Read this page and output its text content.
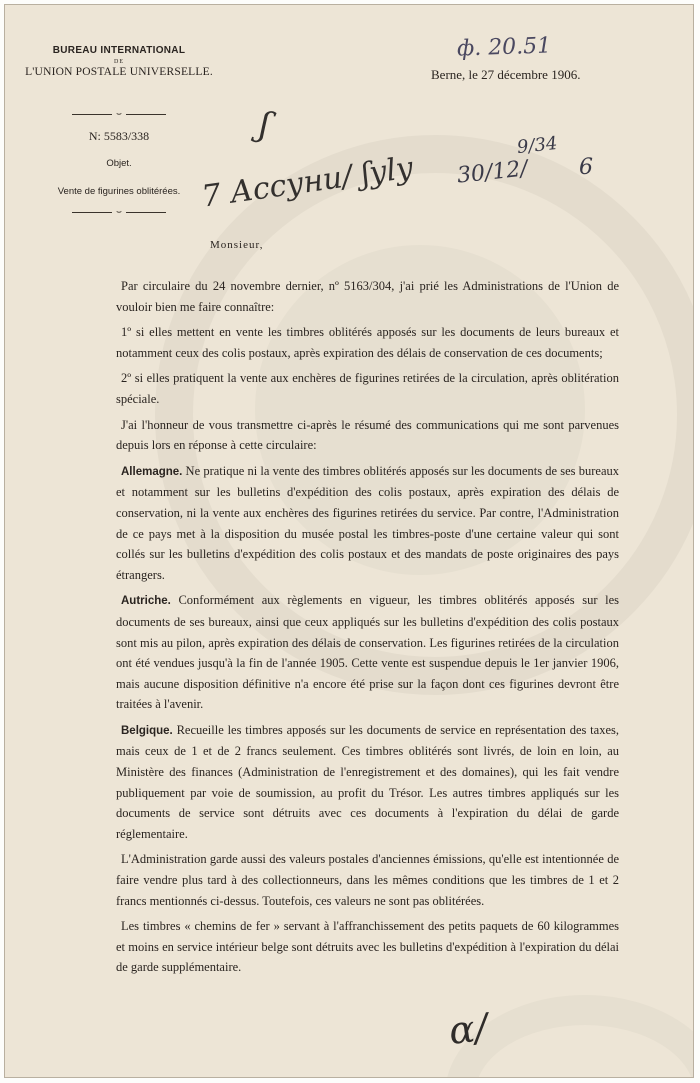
BUREAU INTERNATIONAL
DE
L'UNION POSTALE UNIVERSELLE.
⌣
N: 5583/338
Objet.
Vente de figurines oblitérées.
⌣
Berne, le 27 décembre 1906.
ф. 20.51
ʃ
7 Ассуни/ ʃyly
9/34
30/12/ 6
Monsieur,

Par circulaire du 24 novembre dernier, nº 5163/304, j'ai prié les Administrations de l'Union de vouloir bien me faire connaître:

1º si elles mettent en vente les timbres oblitérés apposés sur les documents de leurs bureaux et notamment ceux des colis postaux, après expiration des délais de conservation de ces documents;

2º si elles pratiquent la vente aux enchères de figurines retirées de la circulation, après oblitération spéciale.

J'ai l'honneur de vous transmettre ci-après le résumé des communications qui me sont parvenues depuis lors en réponse à cette circulaire:

Allemagne. Ne pratique ni la vente des timbres oblitérés apposés sur les documents de ses bureaux et notamment sur les bulletins d'expédition des colis postaux, après expiration des délais de conservation, ni la vente aux enchères des figurines retirées du service. Par contre, l'Administration de ce pays met à la disposition du musée postal les timbres-poste d'une certaine valeur qui sont collés sur les bulletins d'expédition des colis postaux et des mandats de poste originaires des pays étrangers.

Autriche. Conformément aux règlements en vigueur, les timbres oblitérés apposés sur les documents de ses bureaux, ainsi que ceux appliqués sur les bulletins d'expédition des colis postaux sont mis au pilon, après expiration des délais de conservation. Les figurines retirées de la circulation ont été vendues jusqu'à la fin de l'année 1905. Cette vente est suspendue depuis le 1er janvier 1906, mais aucune disposition définitive n'a encore été prise sur la façon dont ces figurines devront être traitées à l'avenir.

Belgique. Recueille les timbres apposés sur les documents de service en représentation des taxes, mais ceux de 1 et de 2 francs seulement. Ces timbres oblitérés sont livrés, de loin en loin, au Ministère des finances (Administration de l'enregistrement et des domaines), qui les fait vendre publiquement par voie de soumission, au profit du Trésor. Les autres timbres appliqués sur les documents de service sont détruits avec ces documents à l'expiration du délai de garde réglementaire.

L'Administration garde aussi des valeurs postales d'anciennes émissions, qu'elle est intentionnée de faire vendre plus tard à des collectionneurs, dans les mêmes conditions que les timbres de 1 et 2 francs mentionnés ci-dessus. Toutefois, ces valeurs ne sont pas oblitérées.

Les timbres « chemins de fer » servant à l'affranchissement des petits paquets de 60 kilogrammes et moins en service intérieur belge sont détruits avec les bulletins d'expédition à l'expiration du délai de garde supplémentaire.

ɑ/
